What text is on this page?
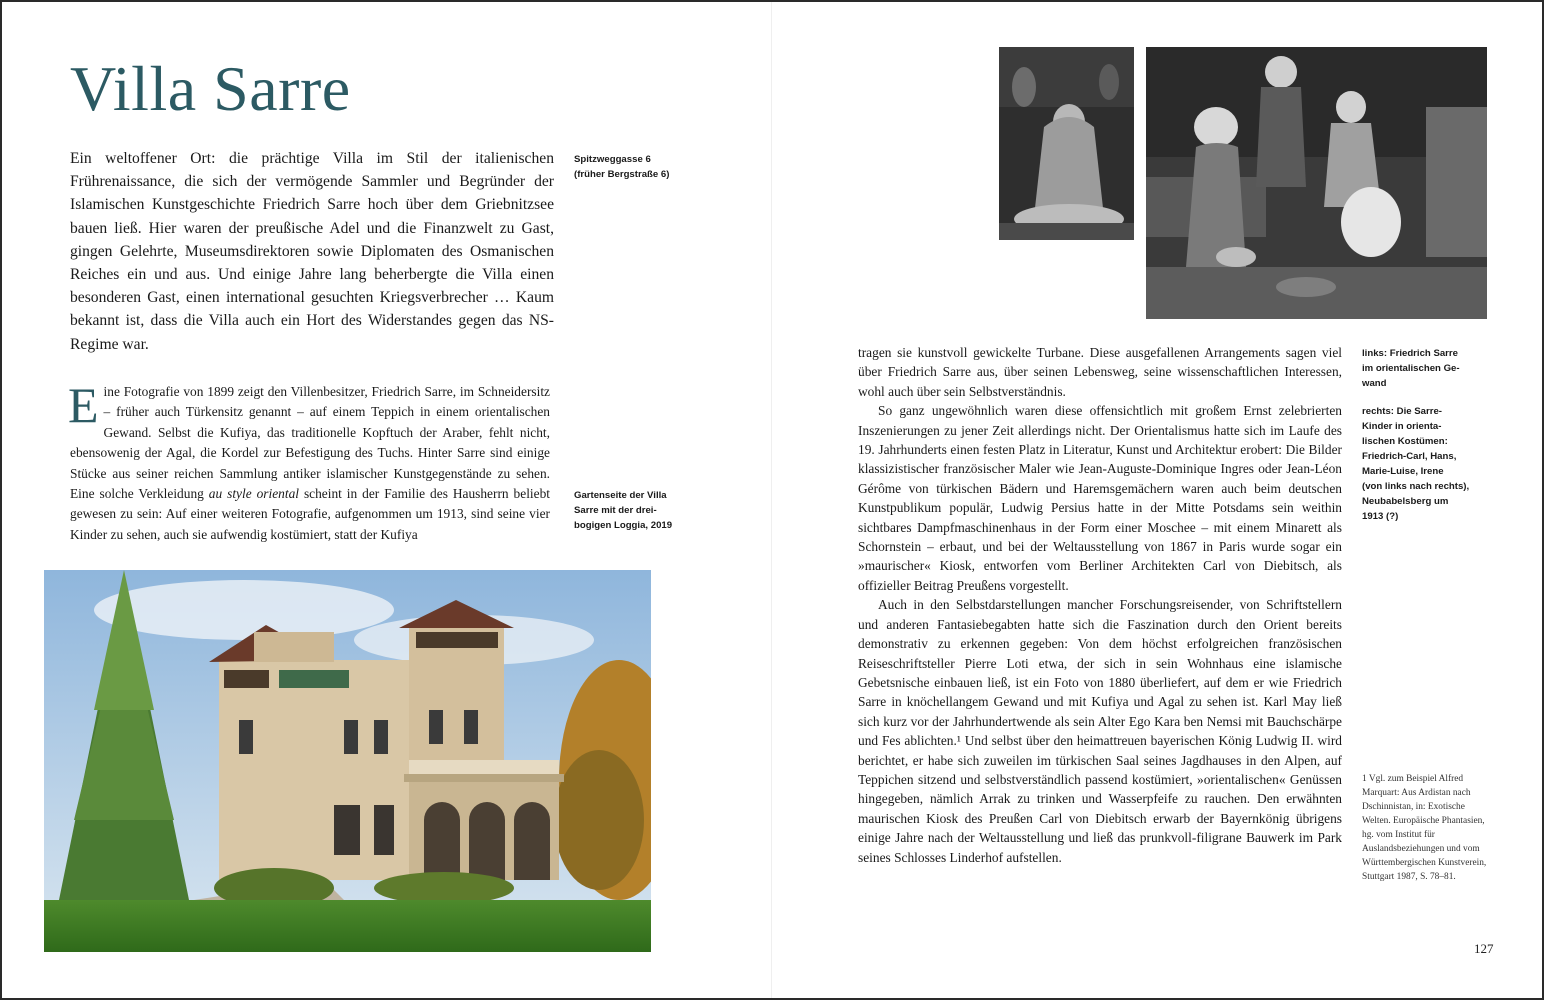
Villa Sarre

Ein weltoffener Ort: die prächtige Villa im Stil der italienischen Frührenaissance, die sich der vermögende Sammler und Begründer der Islamischen Kunstgeschichte Friedrich Sarre hoch über dem Griebnitzsee bauen ließ. Hier waren der preußische Adel und die Finanzwelt zu Gast, gingen Gelehrte, Museumsdirektoren sowie Diplomaten des Osmanischen Reiches ein und aus. Und einige Jahre lang beherbergte die Villa einen besonderen Gast, einen international gesuchten Kriegsverbrecher … Kaum bekannt ist, dass die Villa auch ein Hort des Widerstandes gegen das NS-Regime war.

Spitzweggasse 6
(früher Bergstraße 6)

Eine Fotografie von 1899 zeigt den Villenbesitzer, Friedrich Sarre, im Schneidersitz – früher auch Türkensitz genannt – auf einem Teppich in einem orientalischen Gewand. Selbst die Kufiya, das traditionelle Kopftuch der Araber, fehlt nicht, ebensowenig der Agal, die Kordel zur Befestigung des Tuchs. Hinter Sarre sind einige Stücke aus seiner reichen Sammlung antiker islamischer Kunstgegenstände zu sehen. Eine solche Verkleidung au style oriental scheint in der Familie des Hausherrn beliebt gewesen zu sein: Auf einer weiteren Fotografie, aufgenommen um 1913, sind seine vier Kinder zu sehen, auch sie aufwendig kostümiert, statt der Kufiya

Gartenseite der Villa
Sarre mit der drei-
bogigen Loggia, 2019
links: Friedrich Sarre
im orientalischen Ge-
wand
rechts: Die Sarre-
Kinder in orienta-
lischen Kostümen:
Friedrich-Carl, Hans,
Marie-Luise, Irene
(von links nach rechts),
Neubabelsberg um
1913 (?)

tragen sie kunstvoll gewickelte Turbane. Diese ausgefallenen Arrangements sagen viel über Friedrich Sarre aus, über seinen Lebensweg, seine wissenschaftlichen Interessen, wohl auch über sein Selbstverständnis.

So ganz ungewöhnlich waren diese offensichtlich mit großem Ernst zelebrierten Inszenierungen zu jener Zeit allerdings nicht. Der Orientalismus hatte sich im Laufe des 19. Jahrhunderts einen festen Platz in Literatur, Kunst und Architektur erobert: Die Bilder klassizistischer französischer Maler wie Jean-Auguste-Dominique Ingres oder Jean-Léon Gérôme von türkischen Bädern und Haremsgemächern waren auch beim deutschen Kunstpublikum populär, Ludwig Persius hatte in der Mitte Potsdams sein weithin sichtbares Dampfmaschinenhaus in der Form einer Moschee – mit einem Minarett als Schornstein – erbaut, und bei der Weltausstellung von 1867 in Paris wurde sogar ein »maurischer« Kiosk, entworfen vom Berliner Architekten Carl von Diebitsch, als offizieller Beitrag Preußens vorgestellt.

Auch in den Selbstdarstellungen mancher Forschungsreisender, von Schriftstellern und anderen Fantasiebegabten hatte sich die Faszination durch den Orient bereits demonstrativ zu erkennen gegeben: Von dem höchst erfolgreichen französischen Reiseschriftsteller Pierre Loti etwa, der sich in sein Wohnhaus eine islamische Gebetsnische einbauen ließ, ist ein Foto von 1880 überliefert, auf dem er wie Friedrich Sarre in knöchellangem Gewand und mit Kufiya und Agal zu sehen ist. Karl May ließ sich kurz vor der Jahrhundertwende als sein Alter Ego Kara ben Nemsi mit Bauchschärpe und Fes ablichten.¹ Und selbst über den heimattreuen bayerischen König Ludwig II. wird berichtet, er habe sich zuweilen im türkischen Saal seines Jagdhauses in den Alpen, auf Teppichen sitzend und selbstverständlich passend kostümiert, »orientalischen« Genüssen hingegeben, nämlich Arrak zu trinken und Wasserpfeife zu rauchen. Den erwähnten maurischen Kiosk des Preußen Carl von Diebitsch erwarb der Bayernkönig übrigens einige Jahre nach der Weltausstellung und ließ das prunkvoll-filigrane Bauwerk im Park seines Schlosses Linderhof aufstellen.

1 Vgl. zum Beispiel Alfred Marquart: Aus Ardistan nach Dschinnistan, in: Exotische Welten. Europäische Phantasien, hg. vom Institut für Auslandsbeziehungen und vom Württembergischen Kunstverein, Stuttgart 1987, S. 78–81.
127
